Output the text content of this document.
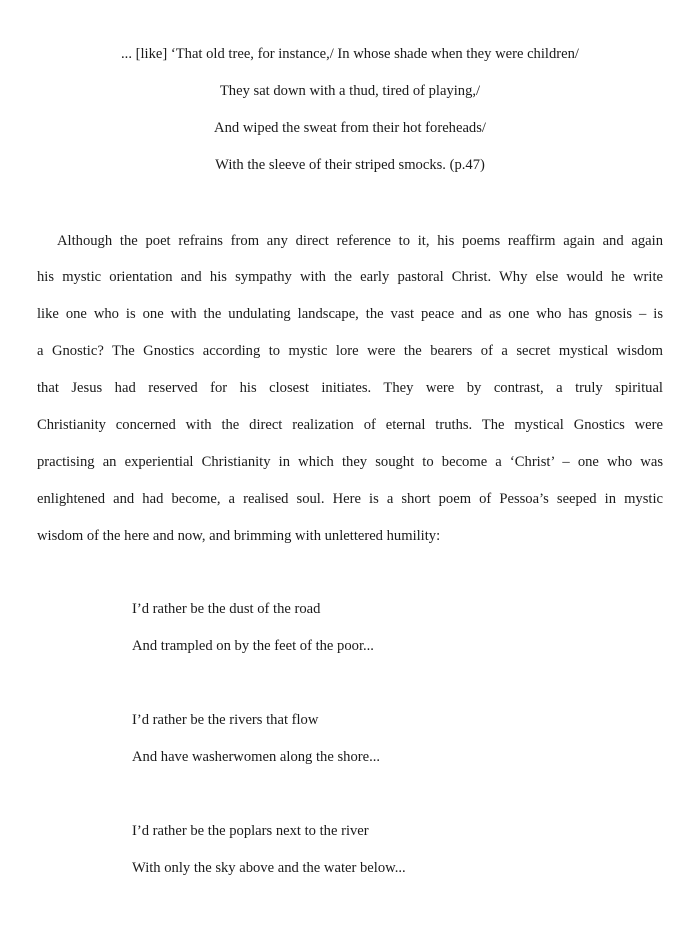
... [like] ‘That old tree, for instance,/ In whose shade when they were children/
They sat down with a thud, tired of playing,/
And wiped the sweat from their hot foreheads/
With the sleeve of their striped smocks. (p.47)
Although the poet refrains from any direct reference to it, his poems reaffirm again and again
his mystic orientation and his sympathy with the early pastoral Christ. Why else would he write
like one who is one with the undulating landscape, the vast peace and as one who has gnosis – is
a Gnostic? The Gnostics according to mystic lore were the bearers of a secret mystical wisdom
that Jesus had reserved for his closest initiates. They were by contrast, a truly spiritual
Christianity concerned with the direct realization of eternal truths. The mystical Gnostics were
practising an experiential Christianity in which they sought to become a ‘Christ’ – one who was
enlightened and had become, a realised soul. Here is a short poem of Pessoa’s seeped in mystic
wisdom of the here and now, and brimming with unlettered humility:
I’d rather be the dust of the road
And trampled on by the feet of the poor...
I’d rather be the rivers that flow
And have washerwomen along the shore...
I’d rather be the poplars next to the river
With only the sky above and the water below...
